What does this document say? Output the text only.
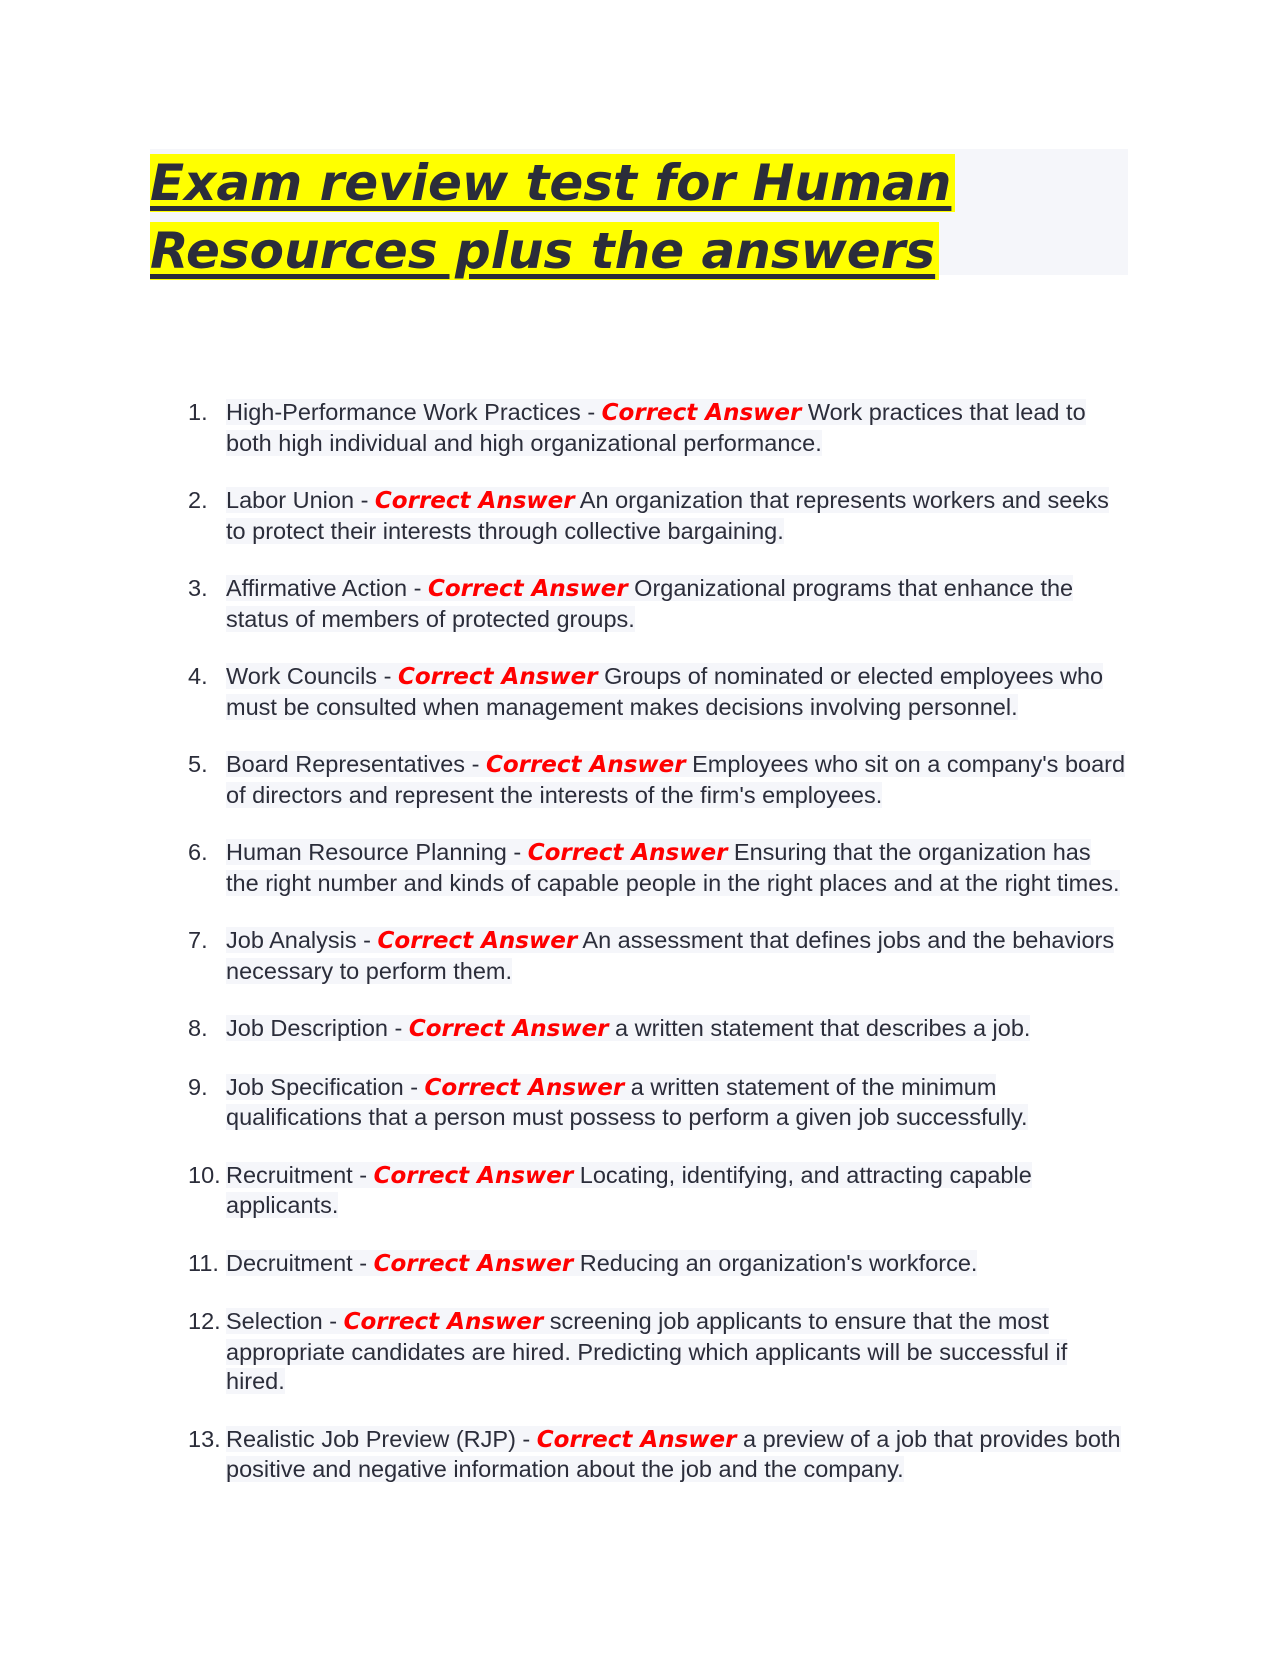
Exam review test for Human
Resources plus the answers
1. High-Performance Work Practices - Correct Answer Work practices that lead to both high individual and high organizational performance.
2. Labor Union - Correct Answer An organization that represents workers and seeks to protect their interests through collective bargaining.
3. Affirmative Action - Correct Answer Organizational programs that enhance the status of members of protected groups.
4. Work Councils - Correct Answer Groups of nominated or elected employees who must be consulted when management makes decisions involving personnel.
5. Board Representatives - Correct Answer Employees who sit on a company's board of directors and represent the interests of the firm's employees.
6. Human Resource Planning - Correct Answer Ensuring that the organization has the right number and kinds of capable people in the right places and at the right times.
7. Job Analysis - Correct Answer An assessment that defines jobs and the behaviors necessary to perform them.
8. Job Description - Correct Answer a written statement that describes a job.
9. Job Specification - Correct Answer a written statement of the minimum qualifications that a person must possess to perform a given job successfully.
10. Recruitment - Correct Answer Locating, identifying, and attracting capable applicants.
11. Decruitment - Correct Answer Reducing an organization's workforce.
12. Selection - Correct Answer screening job applicants to ensure that the most appropriate candidates are hired. Predicting which applicants will be successful if hired.
13. Realistic Job Preview (RJP) - Correct Answer a preview of a job that provides both positive and negative information about the job and the company.
